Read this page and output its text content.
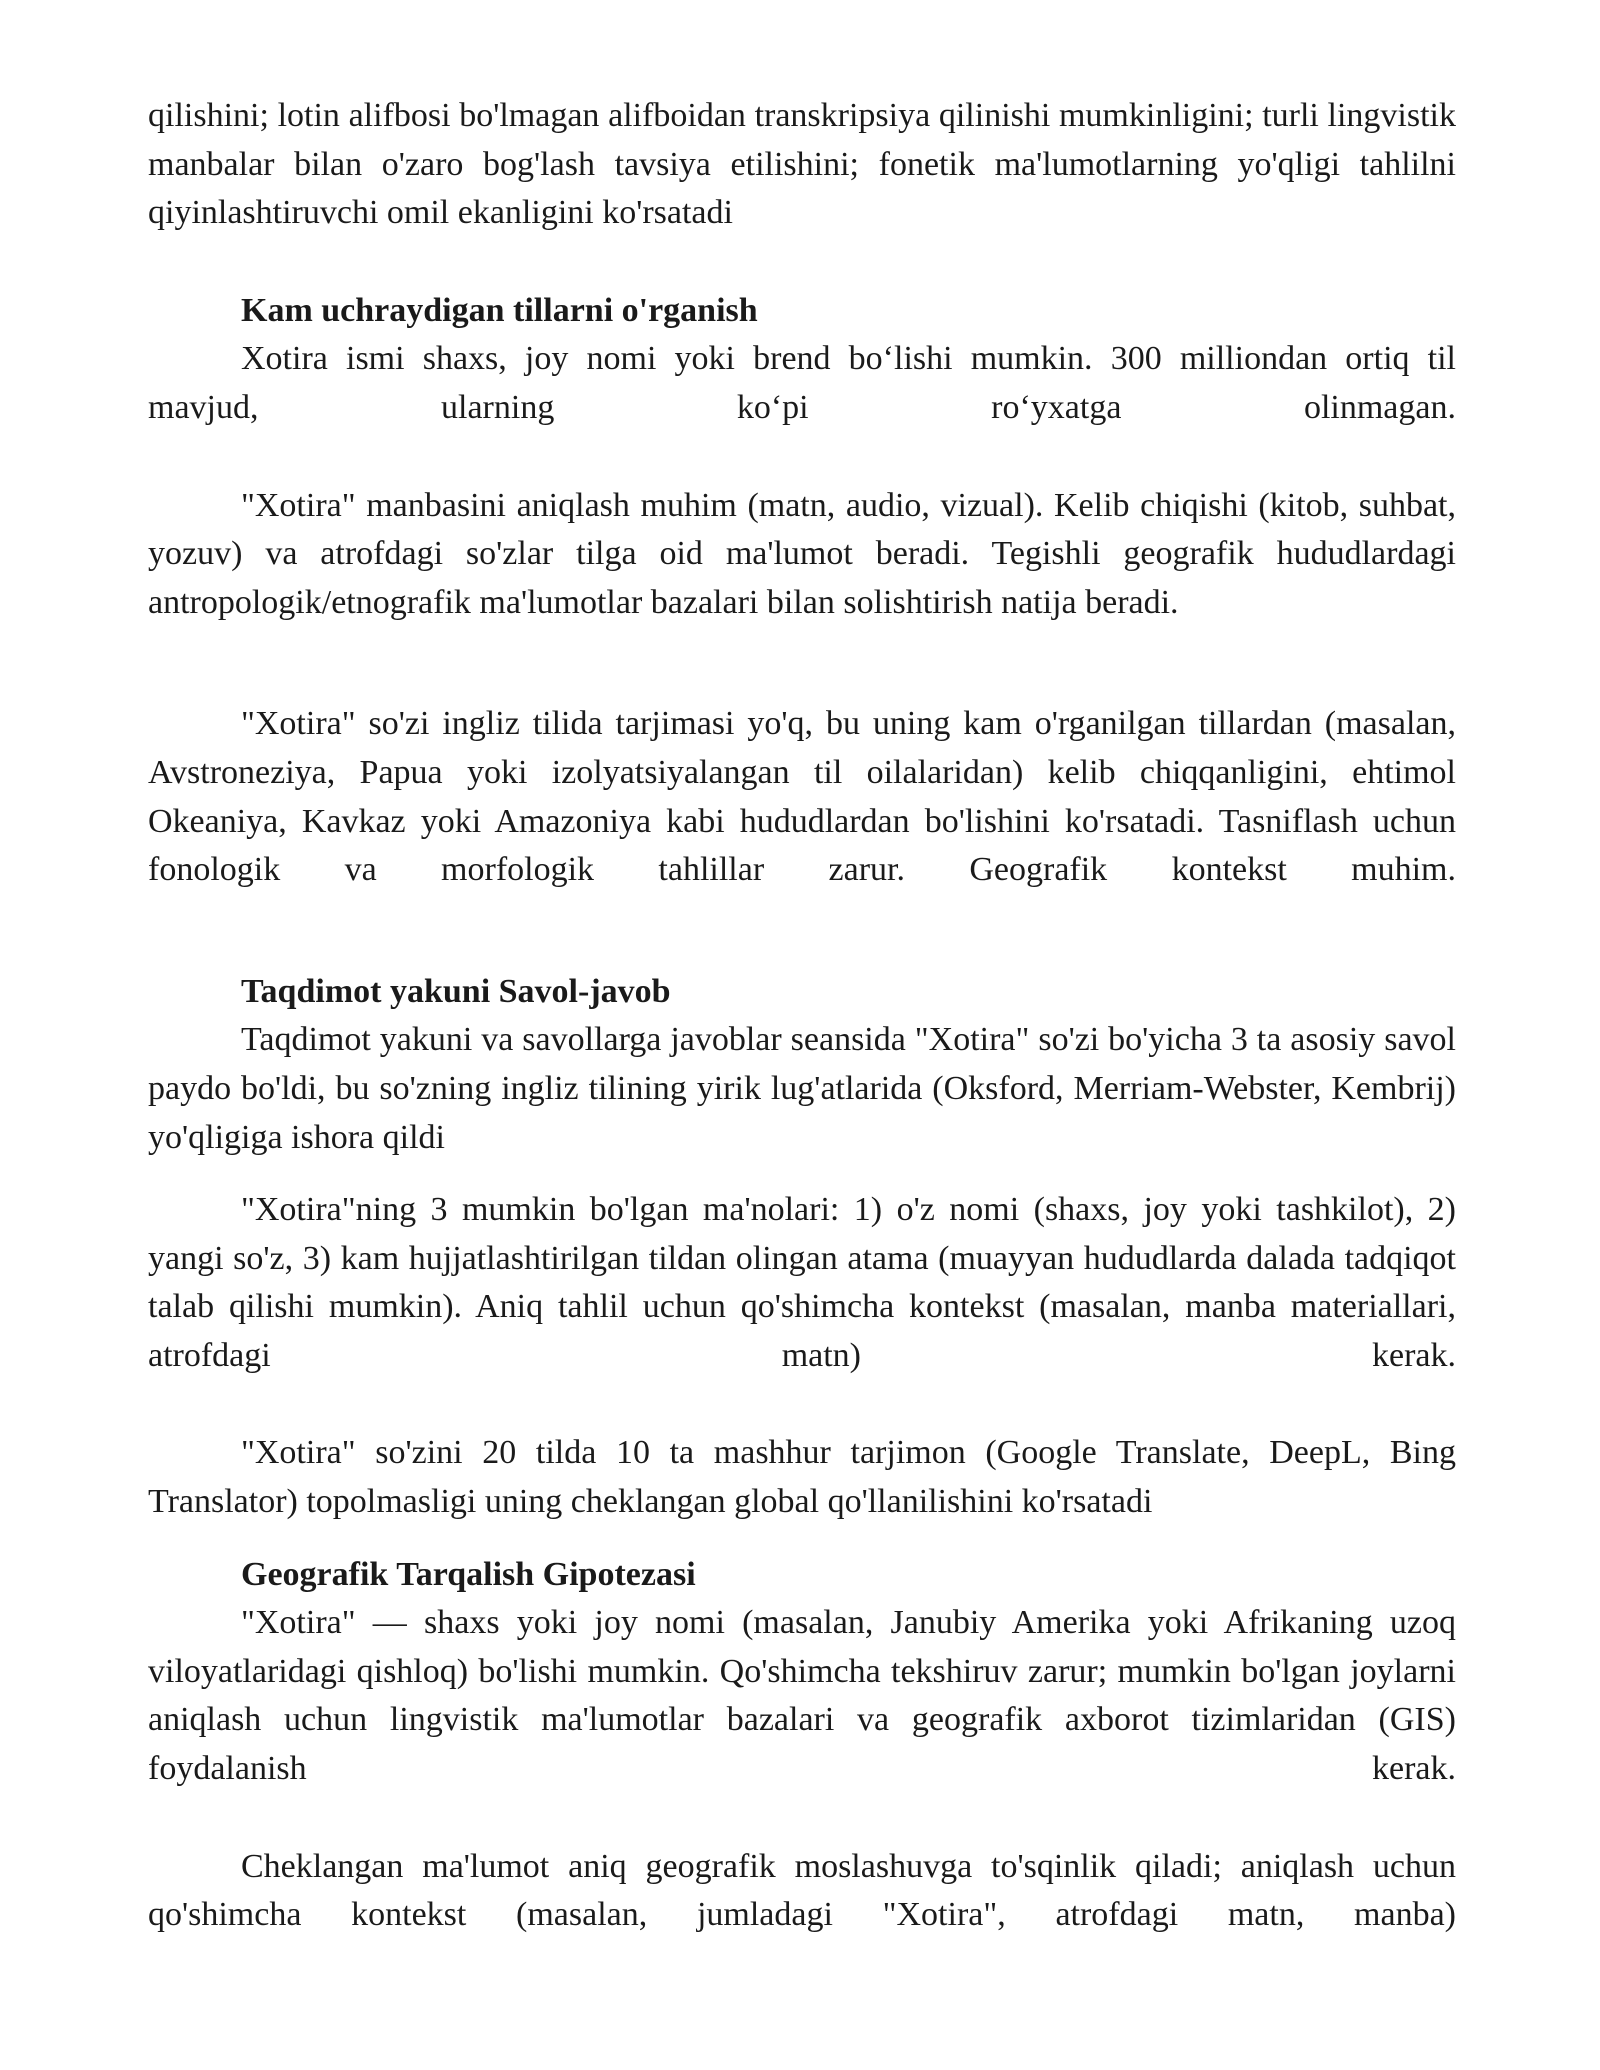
qilishini; lotin alifbosi bo'lmagan alifboidan transkripsiya qilinishi mumkinligini; turli lingvistik manbalar bilan o'zaro bog'lash tavsiya etilishini; fonetik ma'lumotlarning yo'qligi tahlilni qiyinlashtiruvchi omil ekanligini ko'rsatadi

Kam uchraydigan tillarni o'rganish

Xotira ismi shaxs, joy nomi yoki brend bo‘lishi mumkin. 300 milliondan ortiq til mavjud, ularning ko‘pi ro‘yxatga olinmagan.

"Xotira" manbasini aniqlash muhim (matn, audio, vizual). Kelib chiqishi (kitob, suhbat, yozuv) va atrofdagi so'zlar tilga oid ma'lumot beradi. Tegishli geografik hududlardagi antropologik/etnografik ma'lumotlar bazalari bilan solishtirish natija beradi.

"Xotira" so'zi ingliz tilida tarjimasi yo'q, bu uning kam o'rganilgan tillardan (masalan, Avstroneziya, Papua yoki izolyatsiyalangan til oilalaridan) kelib chiqqanligini, ehtimol Okeaniya, Kavkaz yoki Amazoniya kabi hududlardan bo'lishini ko'rsatadi. Tasniflash uchun fonologik va morfologik tahlillar zarur. Geografik kontekst muhim.

Taqdimot yakuni Savol-javob

Taqdimot yakuni va savollarga javoblar seansida "Xotira" so'zi bo'yicha 3 ta asosiy savol paydo bo'ldi, bu so'zning ingliz tilining yirik lug'atlarida (Oksford, Merriam-Webster, Kembrij) yo'qligiga ishora qildi

"Xotira"ning 3 mumkin bo'lgan ma'nolari: 1) o'z nomi (shaxs, joy yoki tashkilot), 2) yangi so'z, 3) kam hujjatlashtirilgan tildan olingan atama (muayyan hududlarda dalada tadqiqot talab qilishi mumkin). Aniq tahlil uchun qo'shimcha kontekst (masalan, manba materiallari, atrofdagi matn) kerak.

"Xotira" so'zini 20 tilda 10 ta mashhur tarjimon (Google Translate, DeepL, Bing Translator) topolmasligi uning cheklangan global qo'llanilishini ko'rsatadi

Geografik Tarqalish Gipotezasi

"Xotira" — shaxs yoki joy nomi (masalan, Janubiy Amerika yoki Afrikaning uzoq viloyatlaridagi qishloq) bo'lishi mumkin. Qo'shimcha tekshiruv zarur; mumkin bo'lgan joylarni aniqlash uchun lingvistik ma'lumotlar bazalari va geografik axborot tizimlaridan (GIS) foydalanish kerak.

Cheklangan ma'lumot aniq geografik moslashuvga to'sqinlik qiladi; aniqlash uchun qo'shimcha kontekst (masalan, jumladagi "Xotira", atrofdagi matn, manba)
